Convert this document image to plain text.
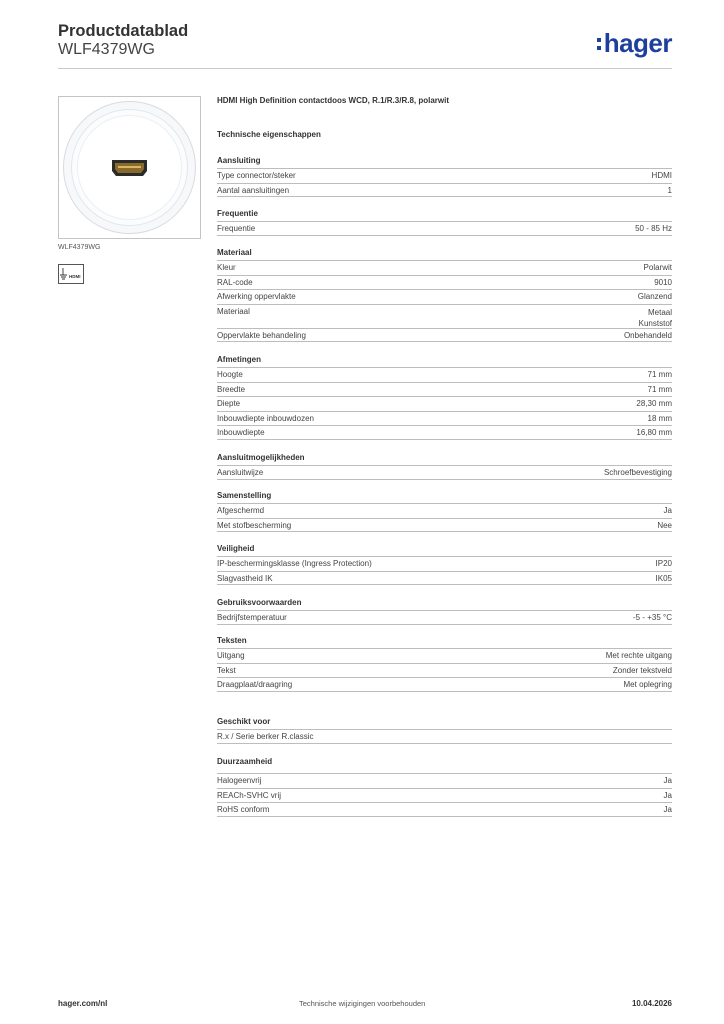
Productdatablad
WLF4379WG	hager
WLF4379WG
HDMI
HDMI High Definition contactdoos WCD, R.1/R.3/R.8, polarwit
Technische eigenschappen
Aansluiting
Type connector/steker	HDMI
Aantal aansluitingen	1
Frequentie
Frequentie	50 - 85 Hz
Materiaal
Kleur	Polarwit
RAL-code	9010
Afwerking oppervlakte	Glanzend
Materiaal	Metaal
Kunststof
Oppervlakte behandeling	Onbehandeld
Afmetingen
Hoogte	71 mm
Breedte	71 mm
Diepte	28,30 mm
Inbouwdiepte inbouwdozen	18 mm
Inbouwdiepte	16,80 mm
Aansluitmogelijkheden
Aansluitwijze	Schroefbevestiging
Samenstelling
Afgeschermd	Ja
Met stofbescherming	Nee
Veiligheid
IP-beschermingsklasse (Ingress Protection)	IP20
Slagvastheid IK	IK05
Gebruiksvoorwaarden
Bedrijfstemperatuur	-5 - +35 °C
Teksten
Uitgang	Met rechte uitgang
Tekst	Zonder tekstveld
Draagplaat/draagring	Met oplegring
Geschikt voor
R.x / Serie berker R.classic
Duurzaamheid
Halogeenvrij	Ja
REACh-SVHC vrij	Ja
RoHS conform	Ja
hager.com/nl	Technische wijzigingen voorbehouden	10.04.2026
